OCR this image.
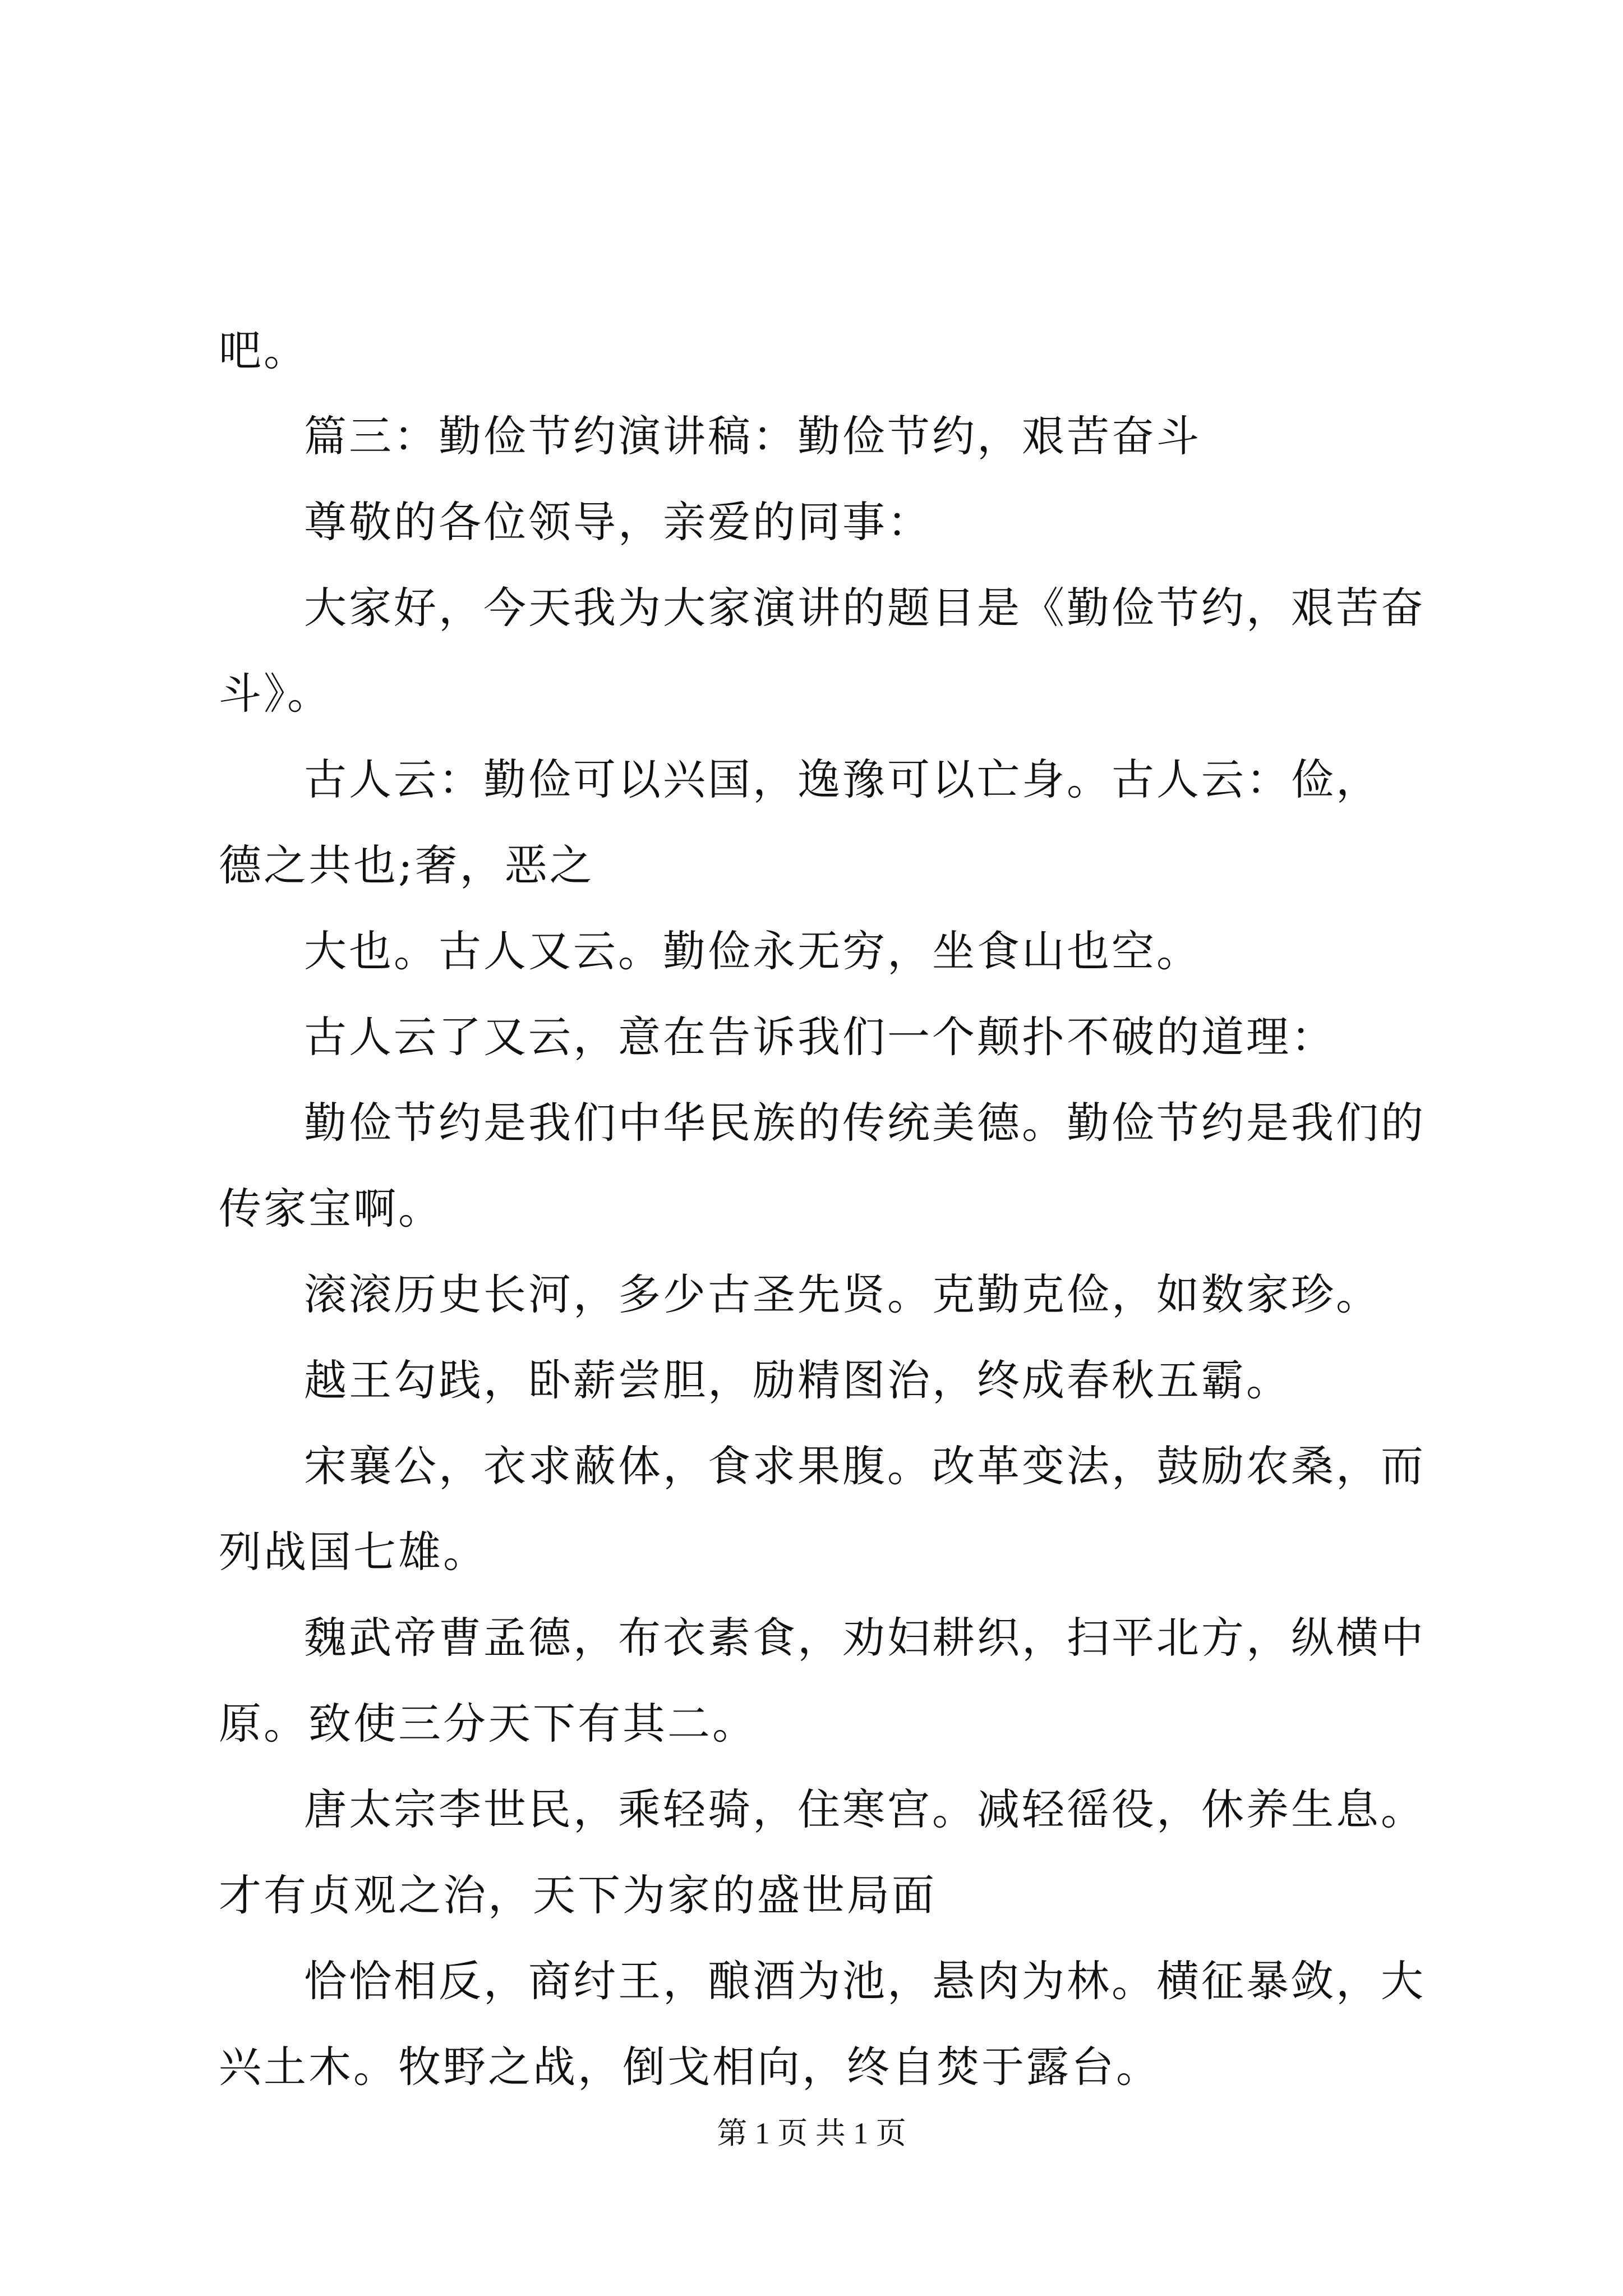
吧。

篇三：勤俭节约演讲稿：勤俭节约，艰苦奋斗

尊敬的各位领导，亲爱的同事：

大家好，今天我为大家演讲的题目是《勤俭节约，艰苦奋斗》。

古人云：勤俭可以兴国，逸豫可以亡身。古人云：俭，德之共也;奢，恶之

大也。古人又云。勤俭永无穷，坐食山也空。

古人云了又云，意在告诉我们一个颠扑不破的道理：

勤俭节约是我们中华民族的传统美德。勤俭节约是我们的传家宝啊。

滚滚历史长河，多少古圣先贤。克勤克俭，如数家珍。

越王勾践，卧薪尝胆，励精图治，终成春秋五霸。

宋襄公，衣求蔽体，食求果腹。改革变法，鼓励农桑，而列战国七雄。

魏武帝曹孟德，布衣素食，劝妇耕织，扫平北方，纵横中原。致使三分天下有其二。

唐太宗李世民，乘轻骑，住寒宫。减轻徭役，休养生息。才有贞观之治，天下为家的盛世局面

恰恰相反，商纣王，酿酒为池，悬肉为林。横征暴敛，大兴土木。牧野之战，倒戈相向，终自焚于露台。

第 1 页 共 1 页
